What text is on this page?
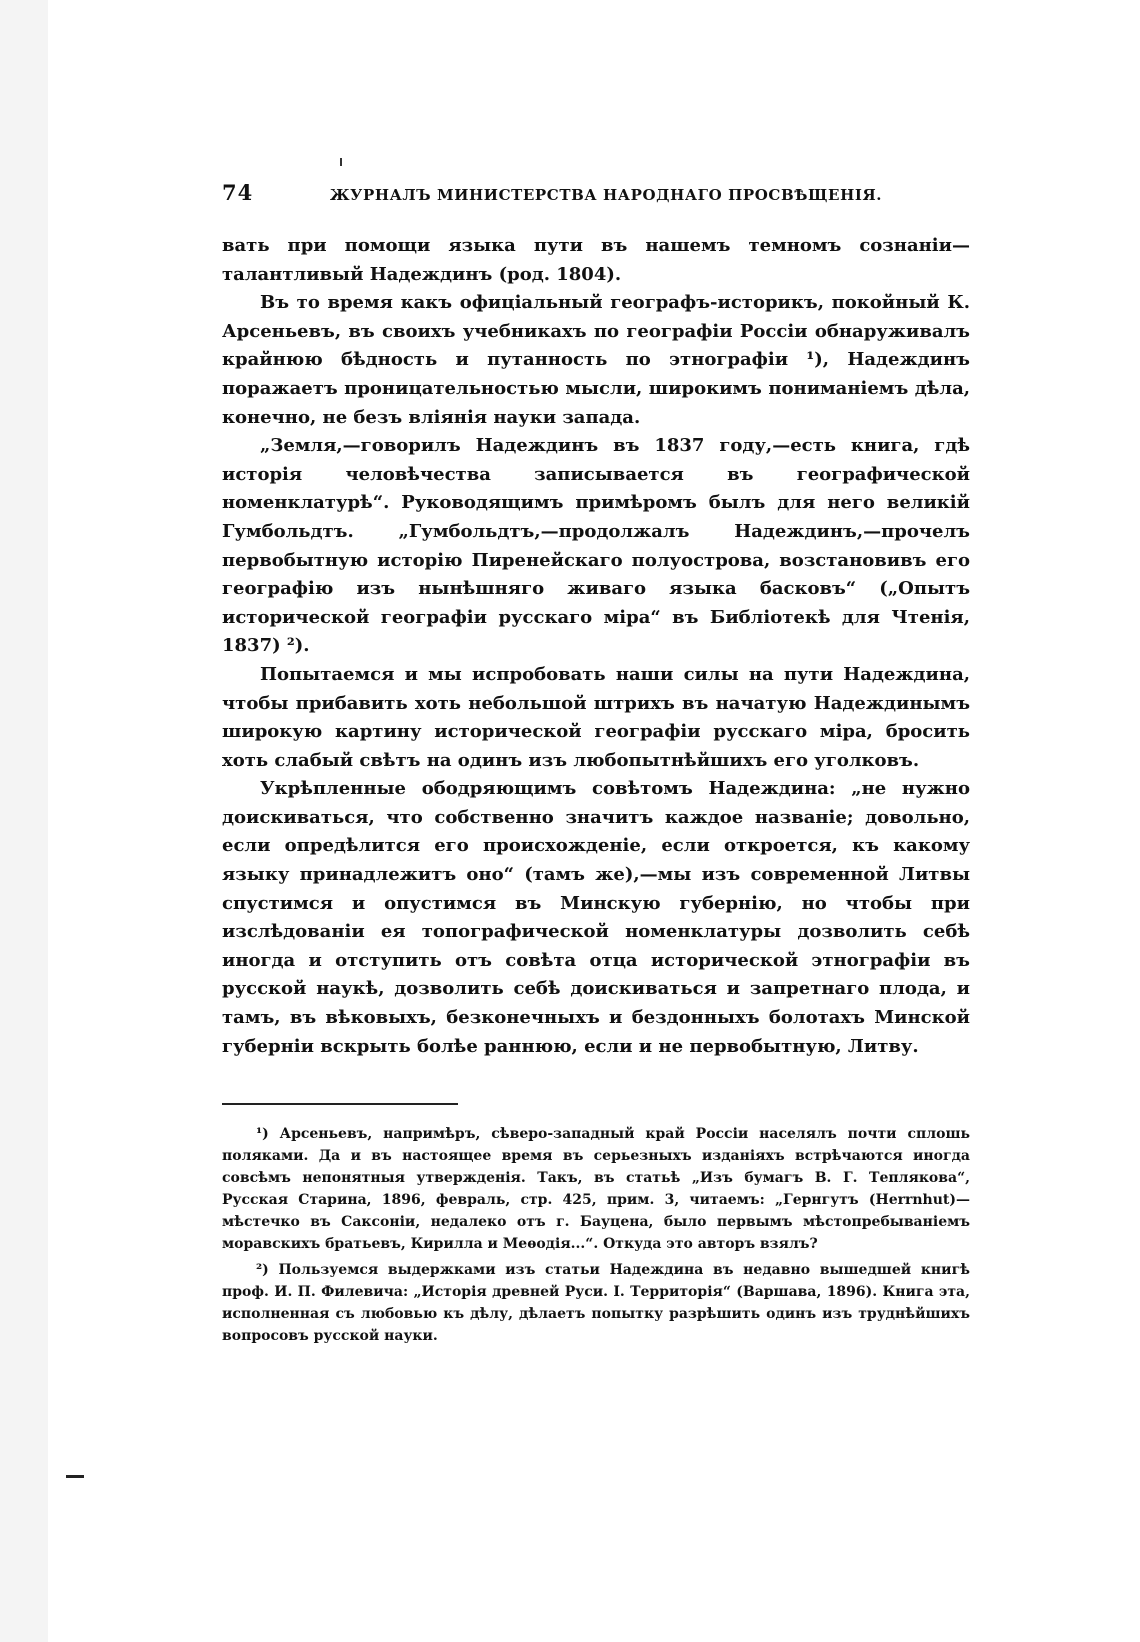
74	ЖУРНАЛЪ МИНИСТЕРСТВА НАРОДНАГО ПРОСВѢЩЕНІЯ.

вать при помощи языка пути въ нашемъ темномъ сознаніи—талантливый Надеждинъ (род. 1804).

Въ то время какъ офиціальный географъ-историкъ, покойный К. Арсеньевъ, въ своихъ учебникахъ по географіи Россіи обнаруживалъ крайнюю бѣдность и путанность по этнографіи ¹), Надеждинъ поражаетъ проницательностью мысли, широкимъ пониманіемъ дѣла, конечно, не безъ вліянія науки запада.

„Земля,—говорилъ Надеждинъ въ 1837 году,—есть книга, гдѣ исторія человѣчества записывается въ географической номенклатурѣ“. Руководящимъ примѣромъ былъ для него великій Гумбольдтъ. „Гумбольдтъ,—продолжалъ Надеждинъ,—прочелъ первобытную исторію Пиренейскаго полуострова, возстановивъ его географію изъ нынѣшняго живаго языка басковъ“ („Опытъ исторической географіи русскаго міра“ въ Библіотекѣ для Чтенія, 1837) ²).

Попытаемся и мы испробовать наши силы на пути Надеждина, чтобы прибавить хоть небольшой штрихъ въ начатую Надеждинымъ широкую картину исторической географіи русскаго міра, бросить хоть слабый свѣтъ на одинъ изъ любопытнѣйшихъ его уголковъ.

Укрѣпленные ободряющимъ совѣтомъ Надеждина: „не нужно доискиваться, что собственно значитъ каждое названіе; довольно, если опредѣлится его происхожденіе, если откроется, къ какому языку принадлежитъ оно“ (тамъ же),—мы изъ современной Литвы спустимся и опустимся въ Минскую губернію, но чтобы при изслѣдованіи ея топографической номенклатуры дозволить себѣ иногда и отступить отъ совѣта отца исторической этнографіи въ русской наукѣ, дозволить себѣ доискиваться и запретнаго плода, и тамъ, въ вѣковыхъ, безконечныхъ и бездонныхъ болотахъ Минской губерніи вскрыть болѣе раннюю, если и не первобытную, Литву.

¹) Арсеньевъ, напримѣръ, сѣверо-западный край Россіи населялъ почти сплошь поляками. Да и въ настоящее время въ серьезныхъ изданіяхъ встрѣчаются иногда совсѣмъ непонятныя утвержденія. Такъ, въ статьѣ „Изъ бумагъ В. Г. Теплякова“, Русская Старина, 1896, февраль, стр. 425, прим. 3, читаемъ: „Гернгутъ (Herrnhut)—мѣстечко въ Саксоніи, недалеко отъ г. Бауцена, было первымъ мѣстопребываніемъ моравскихъ братьевъ, Кирилла и Меѳодія...“. Откуда это авторъ взялъ?

²) Пользуемся выдержками изъ статьи Надеждина въ недавно вышедшей книгѣ проф. И. П. Филевича: „Исторія древней Руси. I. Территорія“ (Варшава, 1896). Книга эта, исполненная съ любовью къ дѣлу, дѣлаетъ попытку разрѣшить одинъ изъ труднѣйшихъ вопросовъ русской науки.
